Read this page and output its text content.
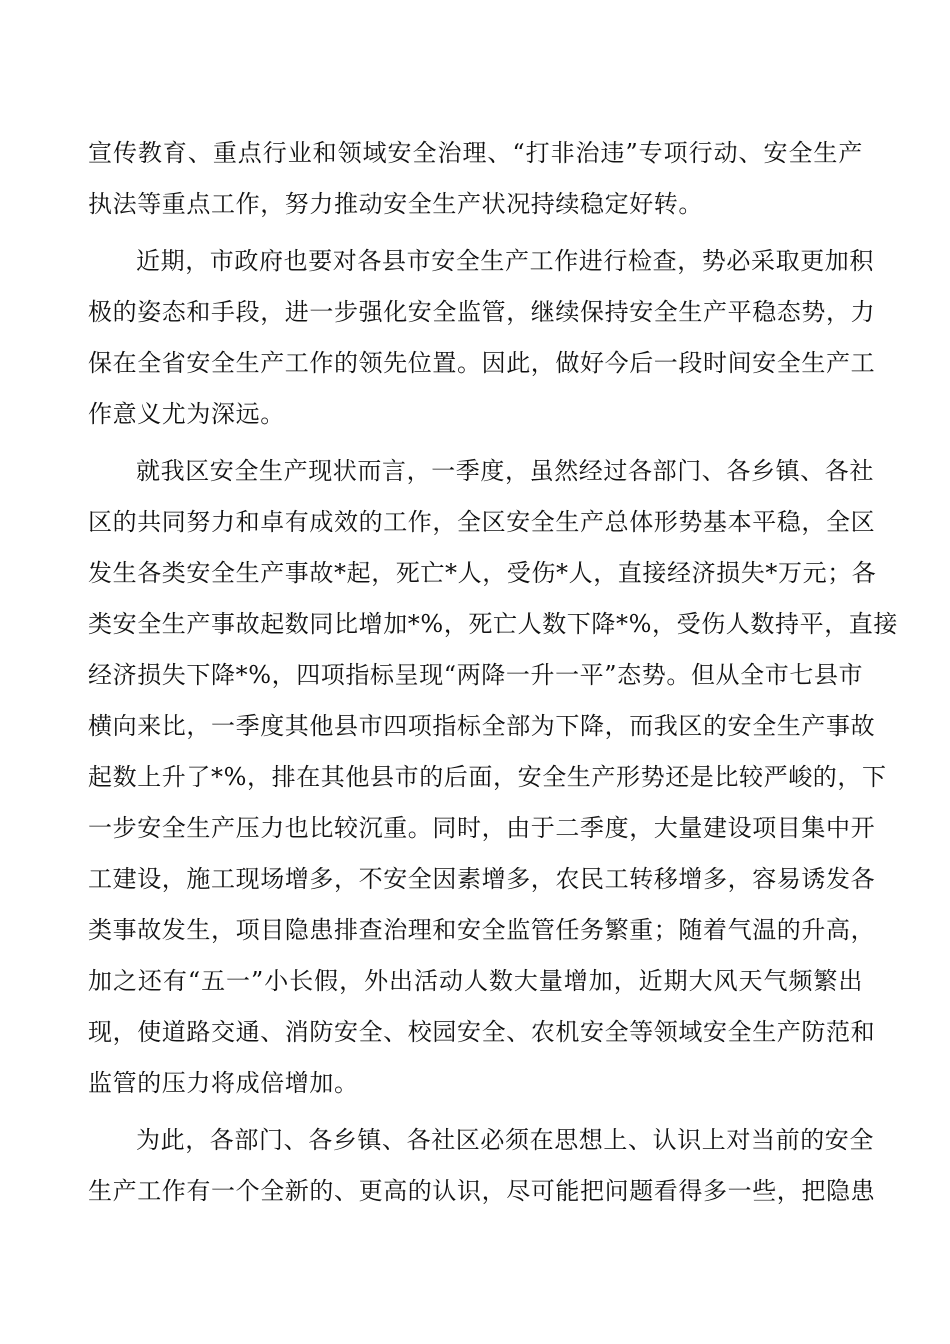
宣传教育、重点行业和领域安全治理、“打非治违”专项行动、安全生产
执法等重点工作，努力推动安全生产状况持续稳定好转。
近期，市政府也要对各县市安全生产工作进行检查，势必采取更加积
极的姿态和手段，进一步强化安全监管，继续保持安全生产平稳态势，力
保在全省安全生产工作的领先位置。因此，做好今后一段时间安全生产工
作意义尤为深远。
就我区安全生产现状而言，一季度，虽然经过各部门、各乡镇、各社
区的共同努力和卓有成效的工作，全区安全生产总体形势基本平稳，全区
发生各类安全生产事故*起，死亡*人，受伤*人，直接经济损失*万元；各
类安全生产事故起数同比增加*%，死亡人数下降*%，受伤人数持平，直接
经济损失下降*%，四项指标呈现“两降一升一平”态势。但从全市七县市
横向来比，一季度其他县市四项指标全部为下降，而我区的安全生产事故
起数上升了*%，排在其他县市的后面，安全生产形势还是比较严峻的，下
一步安全生产压力也比较沉重。同时，由于二季度，大量建设项目集中开
工建设，施工现场增多，不安全因素增多，农民工转移增多，容易诱发各
类事故发生，项目隐患排查治理和安全监管任务繁重；随着气温的升高，
加之还有“五一”小长假，外出活动人数大量增加，近期大风天气频繁出
现，使道路交通、消防安全、校园安全、农机安全等领域安全生产防范和
监管的压力将成倍增加。
为此，各部门、各乡镇、各社区必须在思想上、认识上对当前的安全
生产工作有一个全新的、更高的认识，尽可能把问题看得多一些，把隐患
